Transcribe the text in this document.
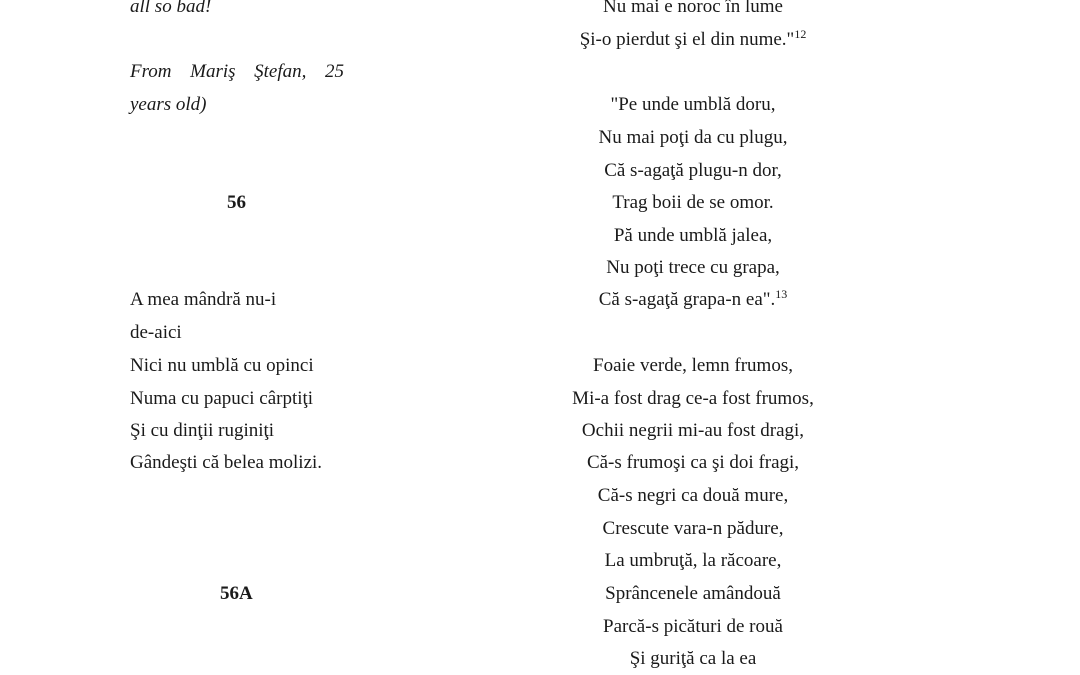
all so bad!
From Mariş Ştefan, 25
years old)
56
A mea mândră nu-i
de-aici
Nici nu umblă cu opinci
Numa cu papuci cârptiţi
Şi cu dinţii ruginiţi
Gândeşti că belea molizi.
56A
Nu mai e noroc în lume
Şi-o pierdut şi el din nume."$^{12}$
"Pe unde umblă doru,
Nu mai poţi da cu plugu,
Că s-agaţă plugu-n dor,
Trag boii de se omor.
Pă unde umblă jalea,
Nu poţi trece cu grapa,
Că s-agaţă grapa-n ea".$^{13}$
Foaie verde, lemn frumos,
Mi-a fost drag ce-a fost frumos,
Ochii negrii mi-au fost dragi,
Că-s frumoşi ca şi doi fragi,
Că-s negri ca două mure,
Crescute vara-n pădure,
La umbruţă, la răcoare,
Sprâncenele amândouă
Parcă-s picături de rouă
Şi guriţă ca la ea
